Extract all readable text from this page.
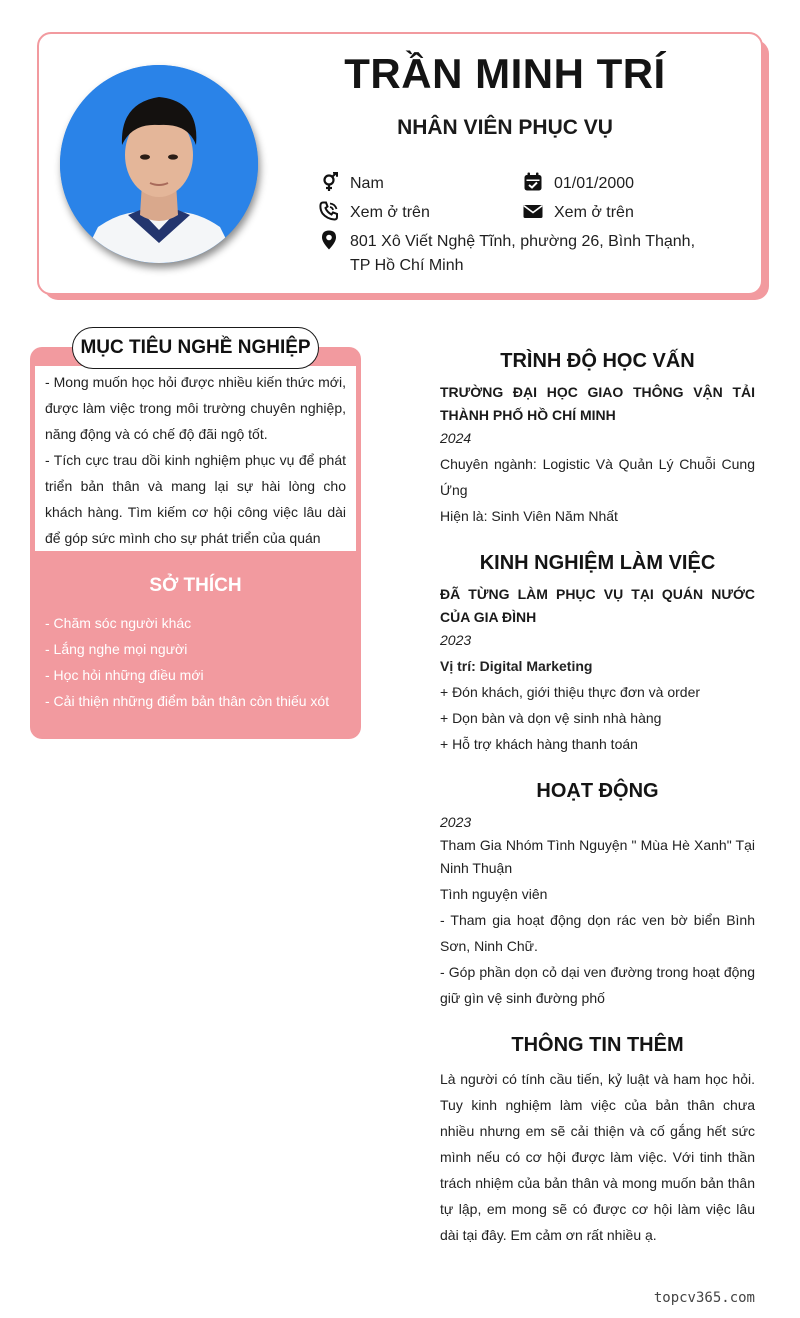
TRẦN MINH TRÍ
NHÂN VIÊN PHỤC VỤ
Nam	01/01/2000
Xem ở trên	Xem ở trên
801 Xô Viết Nghệ Tĩnh, phường 26, Bình Thạnh, TP Hồ Chí Minh
MỤC TIÊU NGHỀ NGHIỆP
- Mong muốn học hỏi được nhiều kiến thức mới, được làm việc trong môi trường chuyên nghiệp, năng động và có chế độ đãi ngộ tốt.
- Tích cực trau dồi kinh nghiệm phục vụ để phát triển bản thân và mang lại sự hài lòng cho khách hàng. Tìm kiếm cơ hội công việc lâu dài để góp sức mình cho sự phát triển của quán
SỞ THÍCH
- Chăm sóc người khác
- Lắng nghe mọi người
- Học hỏi những điều mới
- Cải thiện những điểm bản thân còn thiếu xót
TRÌNH ĐỘ HỌC VẤN
TRƯỜNG ĐẠI HỌC GIAO THÔNG VẬN TẢI THÀNH PHỐ HỒ CHÍ MINH
2024
Chuyên ngành: Logistic Và Quản Lý Chuỗi Cung Ứng
Hiện là: Sinh Viên Năm Nhất
KINH NGHIỆM LÀM VIỆC
ĐÃ TỪNG LÀM PHỤC VỤ TẠI QUÁN NƯỚC CỦA GIA ĐÌNH
2023
Vị trí: Digital Marketing
+ Đón khách, giới thiệu thực đơn và order
+ Dọn bàn và dọn vệ sinh nhà hàng
+ Hỗ trợ khách hàng thanh toán
HOẠT ĐỘNG
2023
Tham Gia Nhóm Tình Nguyện " Mùa Hè Xanh" Tại Ninh Thuận
Tình nguyện viên
- Tham gia hoạt động dọn rác ven bờ biển Bình Sơn, Ninh Chữ.
- Góp phần dọn cỏ dại ven đường trong hoạt động giữ gìn vệ sinh đường phố
THÔNG TIN THÊM
Là người có tính cầu tiến, kỷ luật và ham học hỏi. Tuy kinh nghiệm làm việc của bản thân chưa nhiều nhưng em sẽ cải thiện và cố gắng hết sức mình nếu có cơ hội được làm việc. Với tinh thần trách nhiệm của bản thân và mong muốn bản thân tự lập, em mong sẽ có được cơ hội làm việc lâu dài tại đây. Em cảm ơn rất nhiều ạ.
topcv365.com
